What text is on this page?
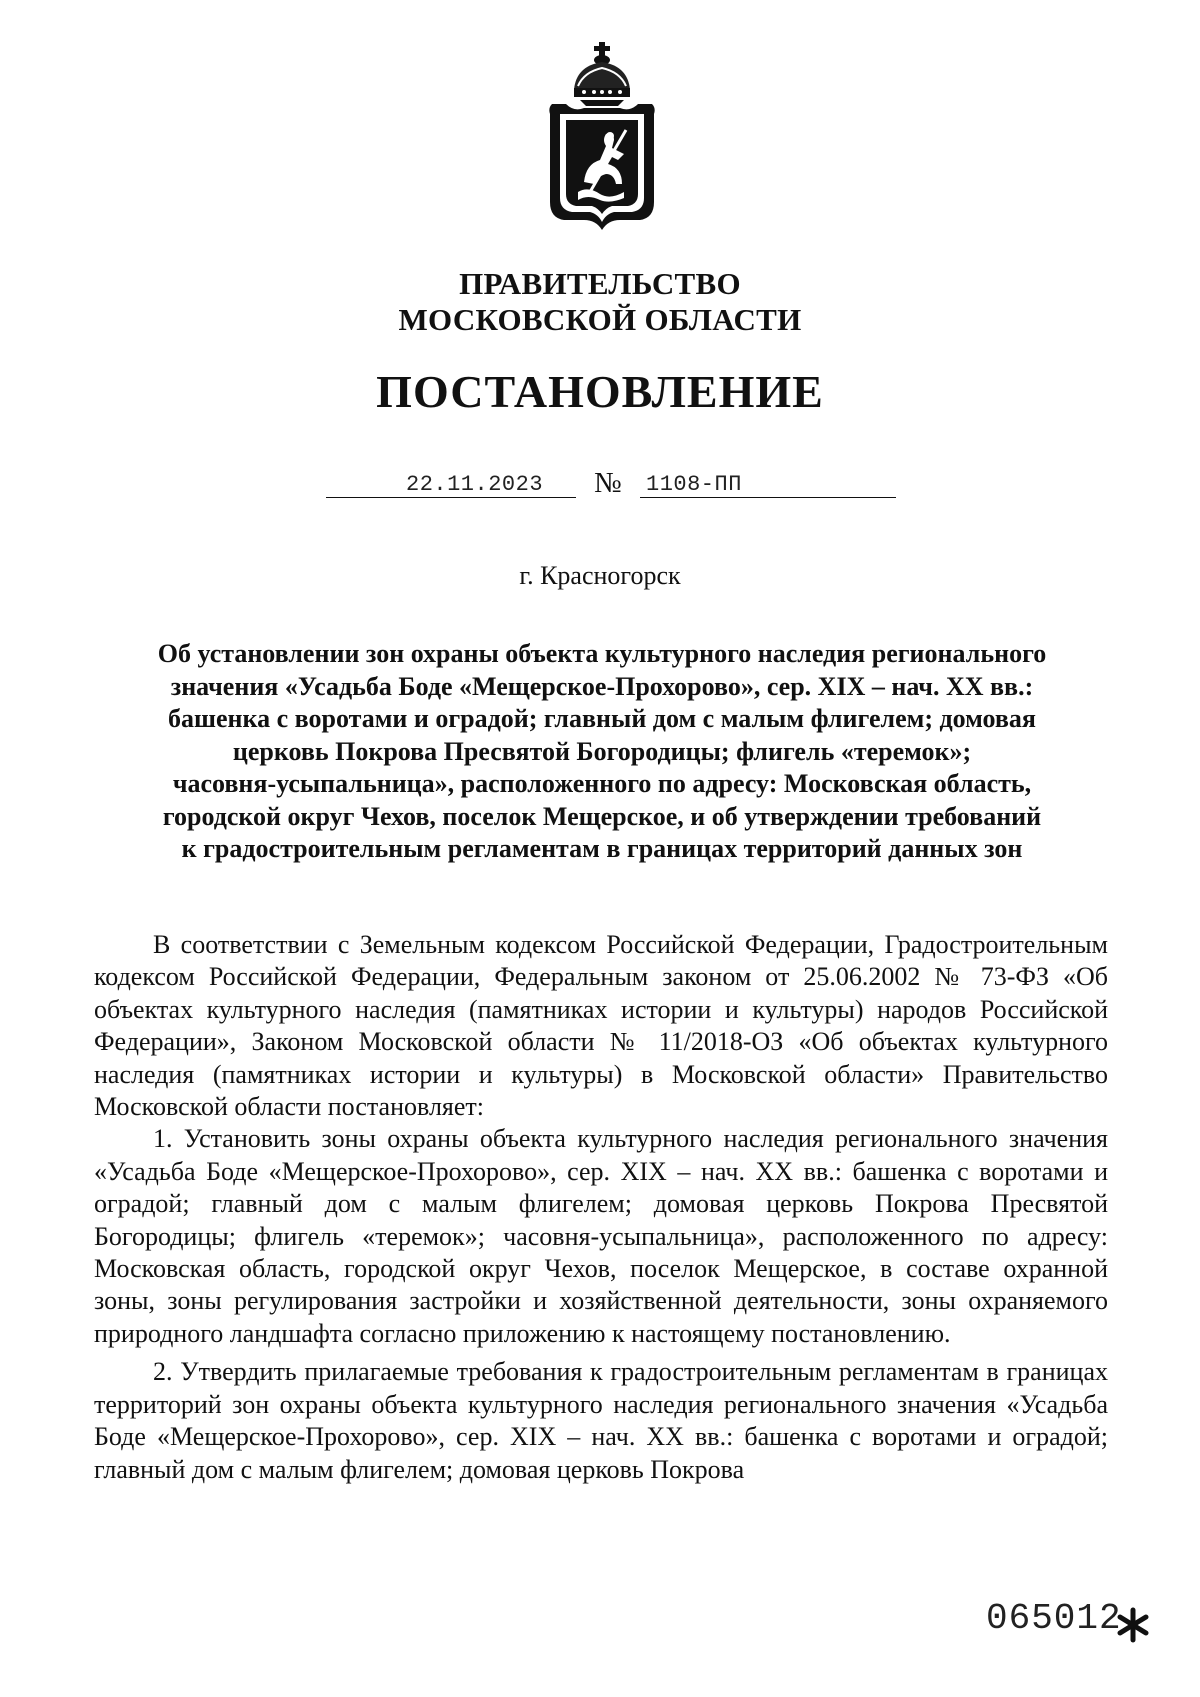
ПРАВИТЕЛЬСТВО
МОСКОВСКОЙ ОБЛАСТИ
ПОСТАНОВЛЕНИЕ
22.11.2023 № 1108-ПП
г. Красногорск
Об установлении зон охраны объекта культурного наследия регионального
значения «Усадьба Боде «Мещерское-Прохорово», сер. XIX – нач. XX вв.:
башенка с воротами и оградой; главный дом с малым флигелем; домовая
церковь Покрова Пресвятой Богородицы; флигель «теремок»;
часовня-усыпальница», расположенного по адресу: Московская область,
городской округ Чехов, поселок Мещерское, и об утверждении требований
к градостроительным регламентам в границах территорий данных зон

В соответствии с Земельным кодексом Российской Федерации, Градостроительным кодексом Российской Федерации, Федеральным законом от 25.06.2002 № 73-ФЗ «Об объектах культурного наследия (памятниках истории и культуры) народов Российской Федерации», Законом Московской области № 11/2018-ОЗ «Об объектах культурного наследия (памятниках истории и культуры) в Московской области» Правительство Московской области постановляет:

1. Установить зоны охраны объекта культурного наследия регионального значения «Усадьба Боде «Мещерское-Прохорово», сер. XIX – нач. XX вв.: башенка с воротами и оградой; главный дом с малым флигелем; домовая церковь Покрова Пресвятой Богородицы; флигель «теремок»; часовня-усыпальница», расположенного по адресу: Московская область, городской округ Чехов, поселок Мещерское, в составе охранной зоны, зоны регулирования застройки и хозяйственной деятельности, зоны охраняемого природного ландшафта согласно приложению к настоящему постановлению.

2. Утвердить прилагаемые требования к градостроительным регламентам в границах территорий зон охраны объекта культурного наследия регионального значения «Усадьба Боде «Мещерское-Прохорово», сер. XIX – нач. XX вв.: башенка с воротами и оградой; главный дом с малым флигелем; домовая церковь Покрова

065012
